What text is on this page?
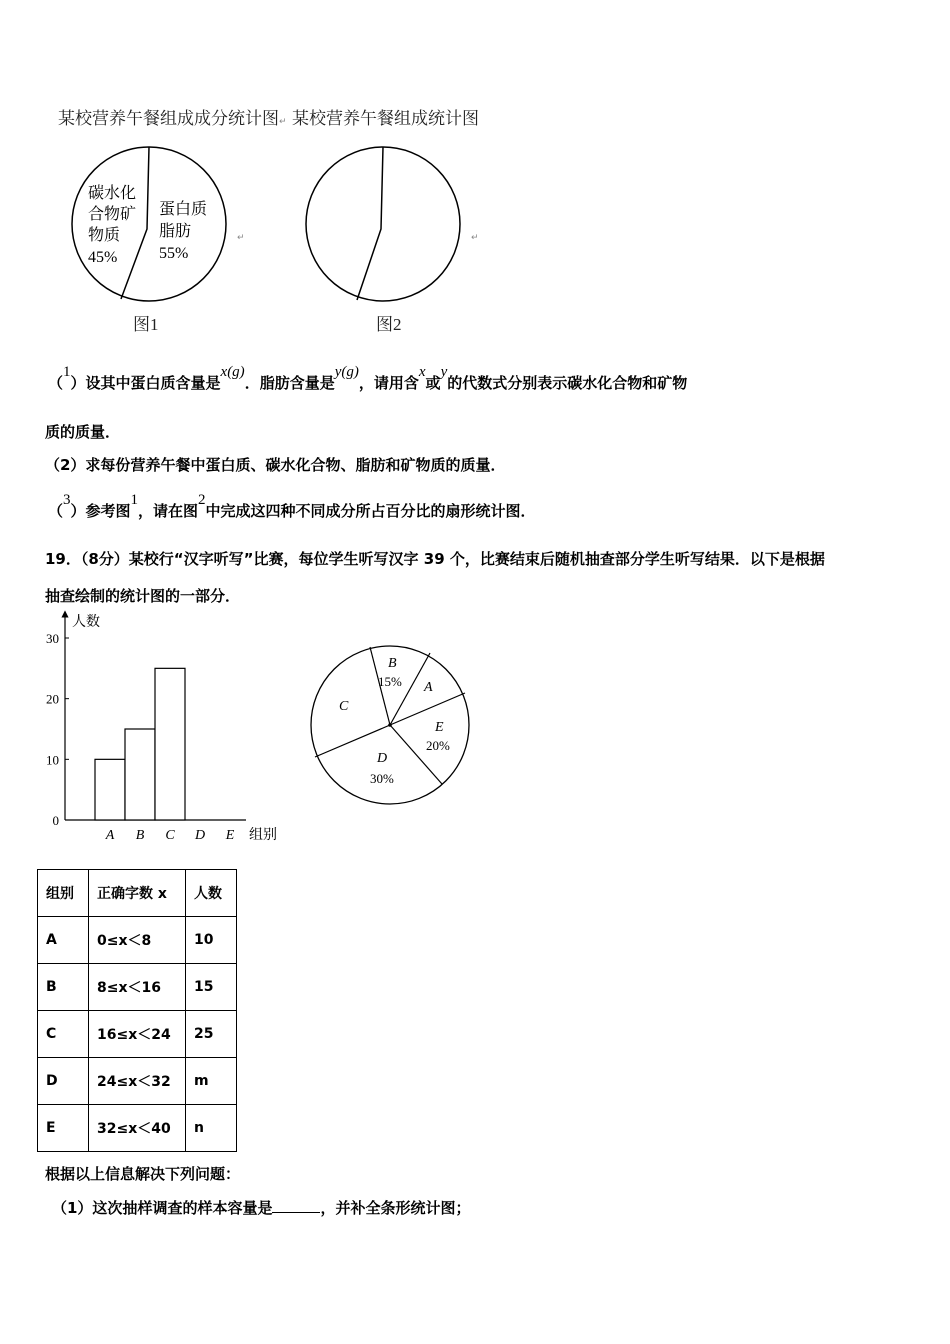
某校营养午餐组成成分统计图↵ 某校营养午餐组成统计图
碳水化
合物矿
物质
45%
蛋白质
脂肪
55%
↵
图1
↵
图2
（1）设其中蛋白质含量是x(g)．脂肪含量是y(g)，请用含x或y的代数式分别表示碳水化合物和矿物
质的质量．
（2）求每份营养午餐中蛋白质、碳水化合物、脂肪和矿物质的质量．
（3）参考图1，请在图2中完成这四种不同成分所占百分比的扇形统计图．
19．（8分）某校行“汉字听写”比赛，每位学生听写汉字 39 个，比赛结束后随机抽查部分学生听写结果．以下是根据
抽查绘制的统计图的一部分．
人数
组别
0
10
20
30
A B C D E
B
15% A
E
20%
D
30%
C
组别	正确字数 x	人数
A	0≤x＜8	10
B	8≤x＜16	15
C	16≤x＜24	25
D	24≤x＜32	m
E	32≤x＜40	n
根据以上信息解决下列问题：
（1）这次抽样调查的样本容量是	，并补全条形统计图；
